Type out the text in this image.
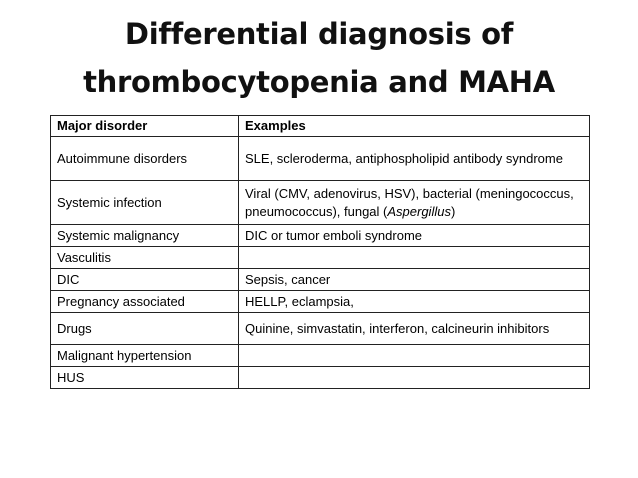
Differential diagnosis of
thrombocytopenia and MAHA
Major disorder	Examples
Autoimmune disorders	SLE, scleroderma, antiphospholipid antibody syndrome
Systemic infection	Viral (CMV, adenovirus, HSV), bacterial (meningococcus, pneumococcus), fungal (Aspergillus)
Systemic malignancy	DIC or tumor emboli syndrome
Vasculitis	
DIC	Sepsis, cancer
Pregnancy associated	HELLP, eclampsia,
Drugs	Quinine, simvastatin, interferon, calcineurin inhibitors
Malignant hypertension	
HUS	
